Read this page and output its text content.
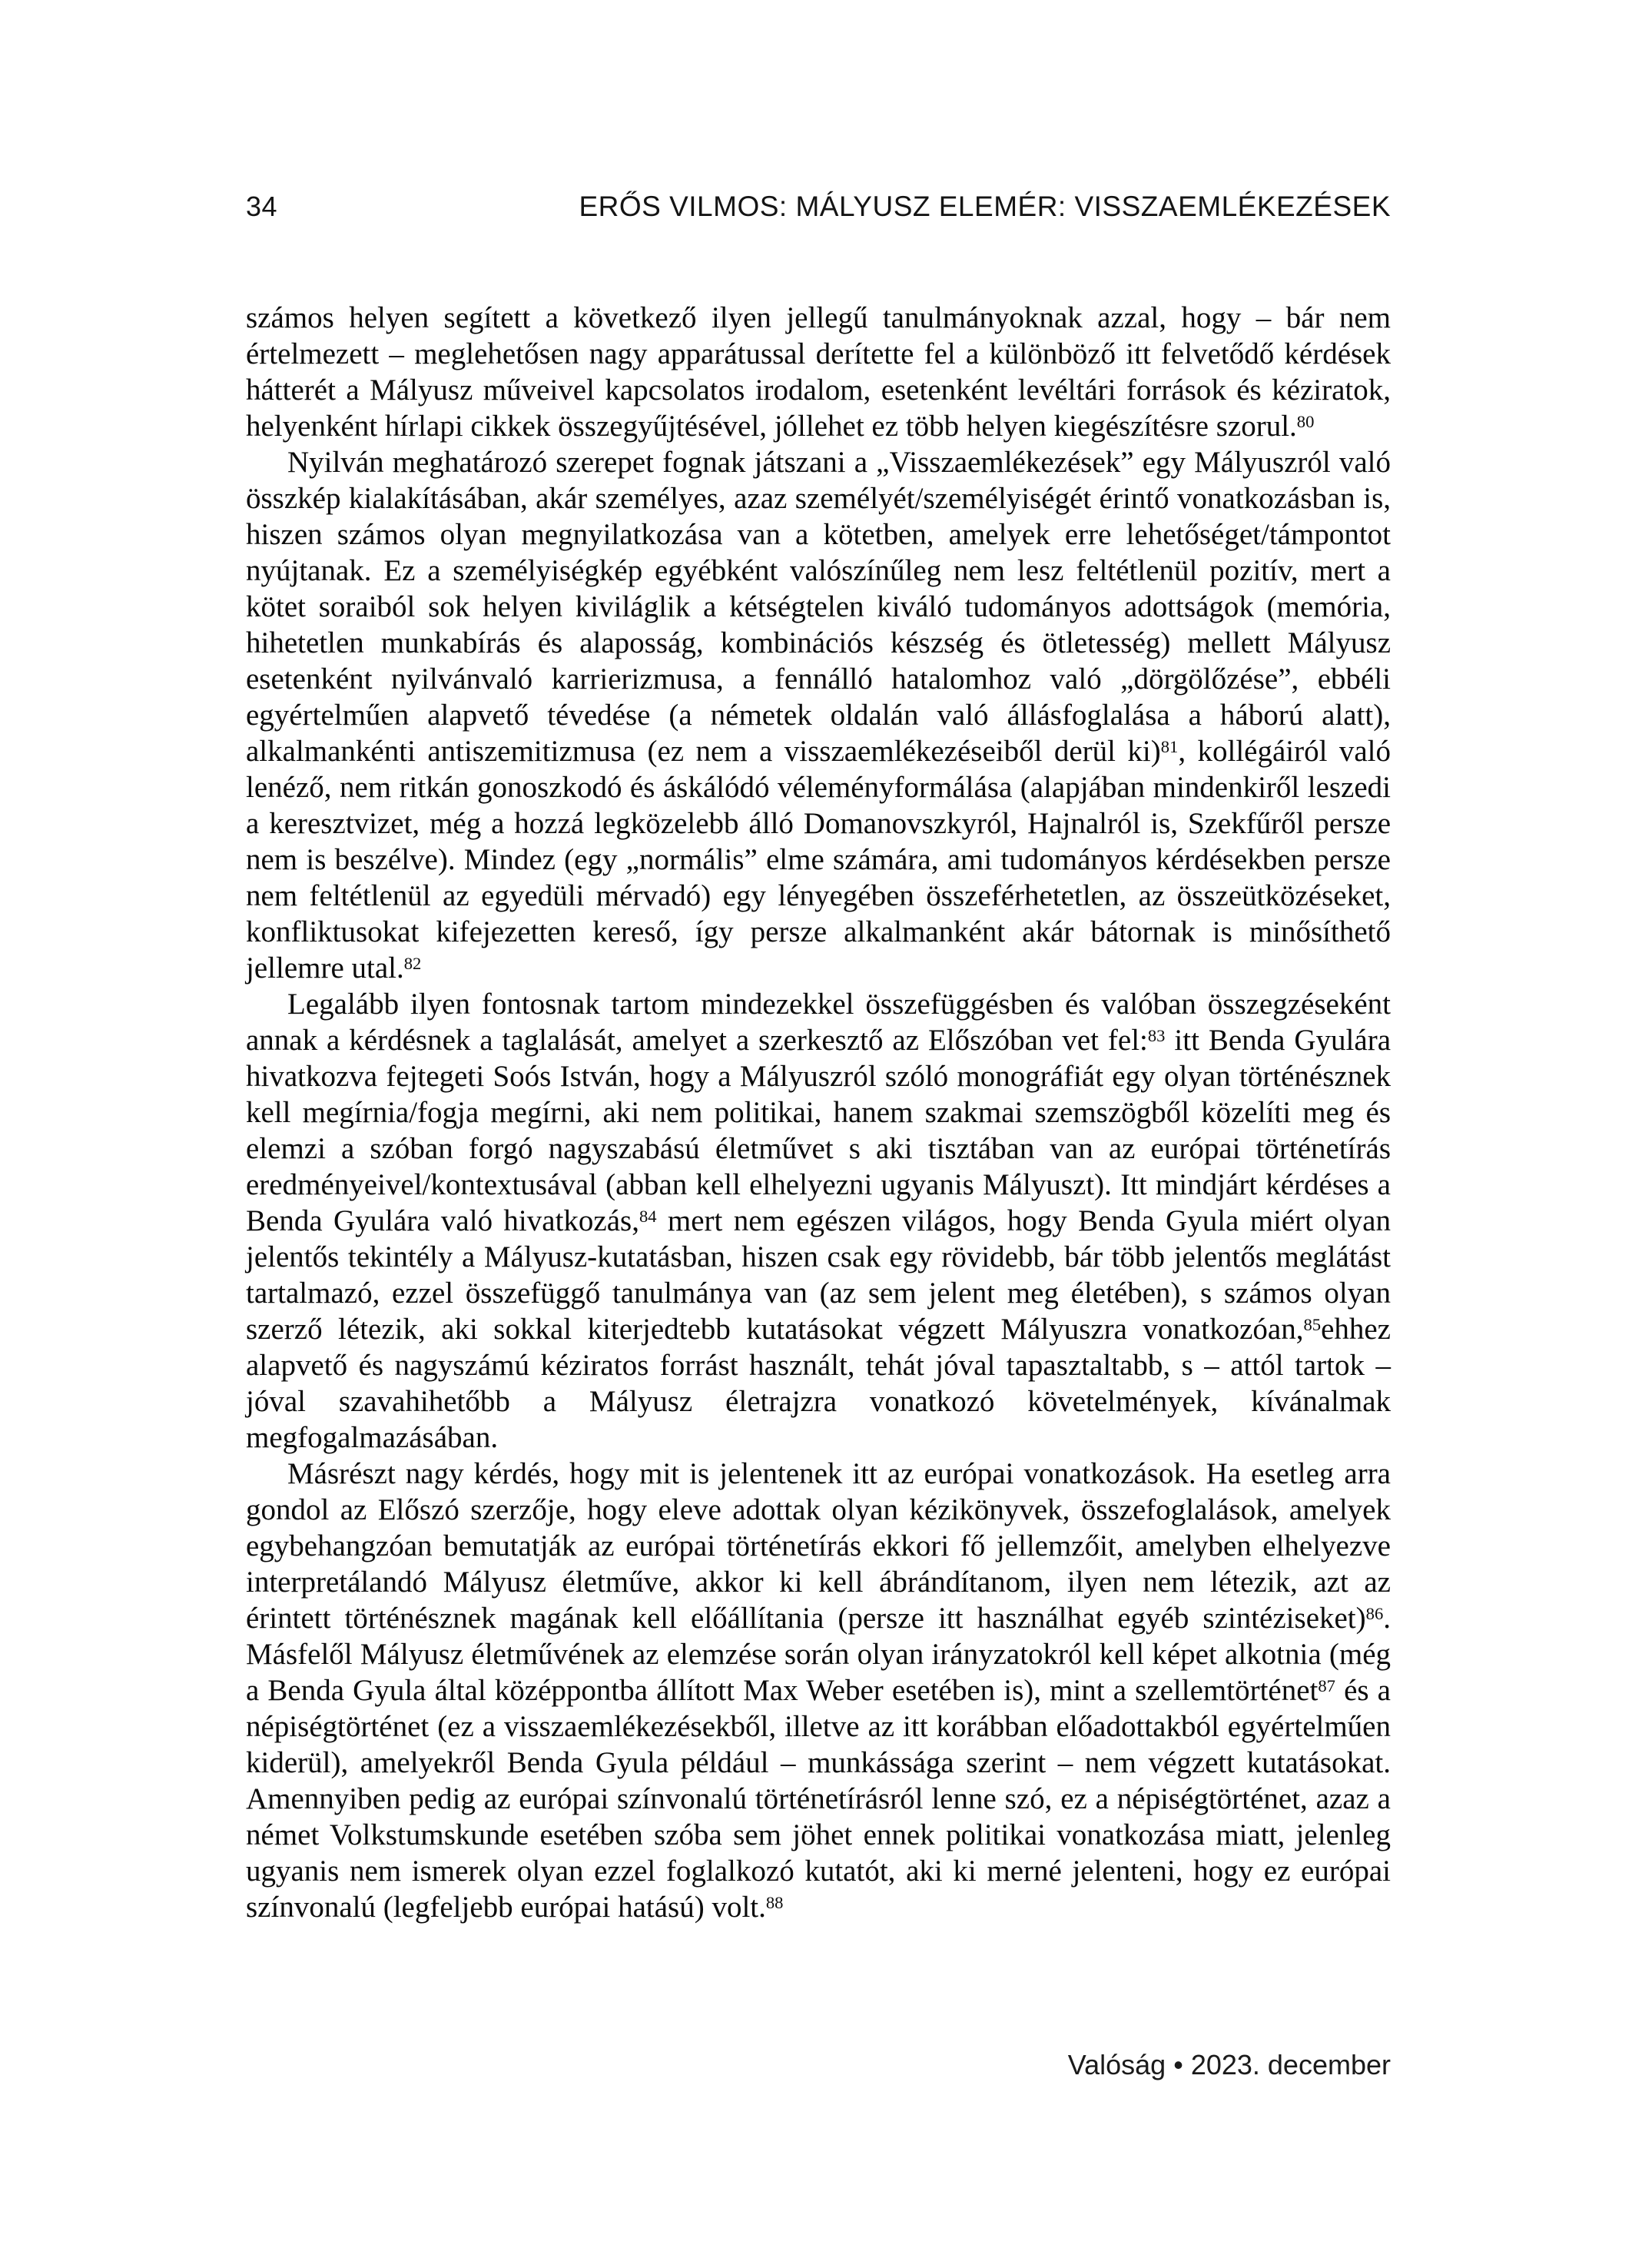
34	ERŐS VILMOS: MÁLYUSZ ELEMÉR: VISSZAEMLÉKEZÉSEK

számos helyen segített a következő ilyen jellegű tanulmányoknak azzal, hogy – bár nem értelmezett – meglehetősen nagy apparátussal derítette fel a különböző itt felvetődő kérdések hátterét a Mályusz műveivel kapcsolatos irodalom, esetenként levéltári források és kéziratok, helyenként hírlapi cikkek összegyűjtésével, jóllehet ez több helyen kiegészítésre szorul.$^{80}$

Nyilván meghatározó szerepet fognak játszani a „Visszaemlékezések” egy Mályuszról való összkép kialakításában, akár személyes, azaz személyét/személyiségét érintő vonatkozásban is, hiszen számos olyan megnyilatkozása van a kötetben, amelyek erre lehetőséget/támpontot nyújtanak. Ez a személyiségkép egyébként valószínűleg nem lesz feltétlenül pozitív, mert a kötet soraiból sok helyen kiviláglik a kétségtelen kiváló tudományos adottságok (memória, hihetetlen munkabírás és alaposság, kombinációs készség és ötletesség) mellett Mályusz esetenként nyilvánvaló karrierizmusa, a fennálló hatalomhoz való „dörgölőzése”, ebbéli egyértelműen alapvető tévedése (a németek oldalán való állásfoglalása a háború alatt), alkalmankénti antiszemitizmusa (ez nem a visszaemlékezéseiből derül ki)$^{81}$, kollégáiról való lenéző, nem ritkán gonoszkodó és áskálódó véleményformálása (alapjában mindenkiről leszedi a keresztvizet, még a hozzá legközelebb álló Domanovszkyról, Hajnalról is, Szekfűről persze nem is beszélve). Mindez (egy „normális” elme számára, ami tudományos kérdésekben persze nem feltétlenül az egyedüli mérvadó) egy lényegében összeférhetetlen, az összeütközéseket, konfliktusokat kifejezetten kereső, így persze alkalmanként akár bátornak is minősíthető jellemre utal.$^{82}$

Legalább ilyen fontosnak tartom mindezekkel összefüggésben és valóban összegzéseként annak a kérdésnek a taglalását, amelyet a szerkesztő az Előszóban vet fel:$^{83}$ itt Benda Gyulára hivatkozva fejtegeti Soós István, hogy a Mályuszról szóló monográfiát egy olyan történésznek kell megírnia/fogja megírni, aki nem politikai, hanem szakmai szemszögből közelíti meg és elemzi a szóban forgó nagyszabású életművet s aki tisztában van az európai történetírás eredményeivel/kontextusával (abban kell elhelyezni ugyanis Mályuszt). Itt mindjárt kérdéses a Benda Gyulára való hivatkozás,$^{84}$ mert nem egészen világos, hogy Benda Gyula miért olyan jelentős tekintély a Mályusz-kutatásban, hiszen csak egy rövidebb, bár több jelentős meglátást tartalmazó, ezzel összefüggő tanulmánya van (az sem jelent meg életében), s számos olyan szerző létezik, aki sokkal kiterjedtebb kutatásokat végzett Mályuszra vonatkozóan,$^{85}$ehhez alapvető és nagyszámú kéziratos forrást használt, tehát jóval tapasztaltabb, s – attól tartok – jóval szavahihetőbb a Mályusz életrajzra vonatkozó követelmények, kívánalmak megfogalmazásában.

Másrészt nagy kérdés, hogy mit is jelentenek itt az európai vonatkozások. Ha esetleg arra gondol az Előszó szerzője, hogy eleve adottak olyan kézikönyvek, összefoglalások, amelyek egybehangzóan bemutatják az európai történetírás ekkori fő jellemzőit, amelyben elhelyezve interpretálandó Mályusz életműve, akkor ki kell ábrándítanom, ilyen nem létezik, azt az érintett történésznek magának kell előállítania (persze itt használhat egyéb szintéziseket)$^{86}$. Másfelől Mályusz életművének az elemzése során olyan irányzatokról kell képet alkotnia (még a Benda Gyula által középpontba állított Max Weber esetében is), mint a szellemtörténet$^{87}$ és a népiségtörténet (ez a visszaemlékezésekből, illetve az itt korábban előadottakból egyértelműen kiderül), amelyekről Benda Gyula például – munkássága szerint – nem végzett kutatásokat. Amennyiben pedig az európai színvonalú történetírásról lenne szó, ez a népiségtörténet, azaz a német Volkstumskunde esetében szóba sem jöhet ennek politikai vonatkozása miatt, jelenleg ugyanis nem ismerek olyan ezzel foglalkozó kutatót, aki ki merné jelenteni, hogy ez európai színvonalú (legfeljebb európai hatású) volt.$^{88}$

Valóság • 2023. december
